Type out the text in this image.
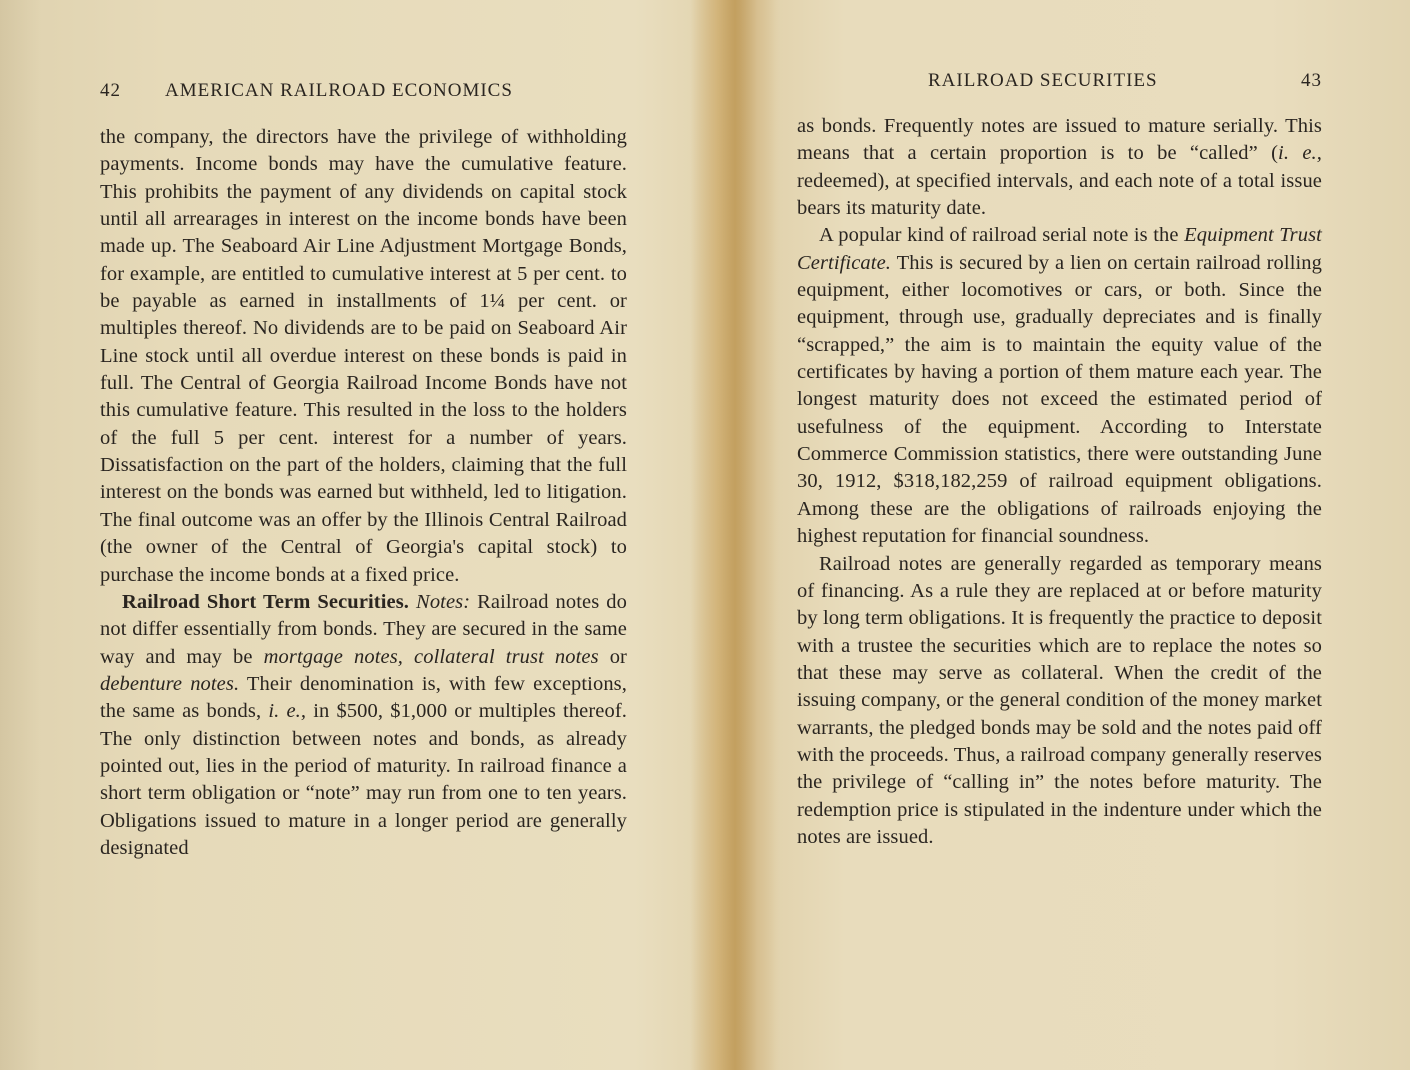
42 AMERICAN RAILROAD ECONOMICS

the company, the directors have the privilege of withholding payments. Income bonds may have the cumulative feature. This prohibits the payment of any dividends on capital stock until all arrearages in interest on the income bonds have been made up. The Seaboard Air Line Adjustment Mortgage Bonds, for example, are entitled to cumulative interest at 5 per cent. to be payable as earned in installments of 1¼ per cent. or multiples thereof. No dividends are to be paid on Seaboard Air Line stock until all overdue interest on these bonds is paid in full. The Central of Georgia Railroad Income Bonds have not this cumulative feature. This resulted in the loss to the holders of the full 5 per cent. interest for a number of years. Dissatisfaction on the part of the holders, claiming that the full interest on the bonds was earned but withheld, led to litigation. The final outcome was an offer by the Illinois Central Railroad (the owner of the Central of Georgia's capital stock) to purchase the income bonds at a fixed price.

Railroad Short Term Securities. Notes: Railroad notes do not differ essentially from bonds. They are secured in the same way and may be mortgage notes, collateral trust notes or debenture notes. Their denomination is, with few exceptions, the same as bonds, i. e., in $500, $1,000 or multiples thereof. The only distinction between notes and bonds, as already pointed out, lies in the period of maturity. In railroad finance a short term obligation or “note” may run from one to ten years. Obligations issued to mature in a longer period are generally designated

RAILROAD SECURITIES	43

as bonds. Frequently notes are issued to mature serially. This means that a certain proportion is to be “called” (i. e., redeemed), at specified intervals, and each note of a total issue bears its maturity date.

A popular kind of railroad serial note is the Equipment Trust Certificate. This is secured by a lien on certain railroad rolling equipment, either locomotives or cars, or both. Since the equipment, through use, gradually depreciates and is finally “scrapped,” the aim is to maintain the equity value of the certificates by having a portion of them mature each year. The longest maturity does not exceed the estimated period of usefulness of the equipment. According to Interstate Commerce Commission statistics, there were outstanding June 30, 1912, $318,182,259 of railroad equipment obligations. Among these are the obligations of railroads enjoying the highest reputation for financial soundness.

Railroad notes are generally regarded as temporary means of financing. As a rule they are replaced at or before maturity by long term obligations. It is frequently the practice to deposit with a trustee the securities which are to replace the notes so that these may serve as collateral. When the credit of the issuing company, or the general condition of the money market warrants, the pledged bonds may be sold and the notes paid off with the proceeds. Thus, a railroad company generally reserves the privilege of “calling in” the notes before maturity. The redemption price is stipulated in the indenture under which the notes are issued.
